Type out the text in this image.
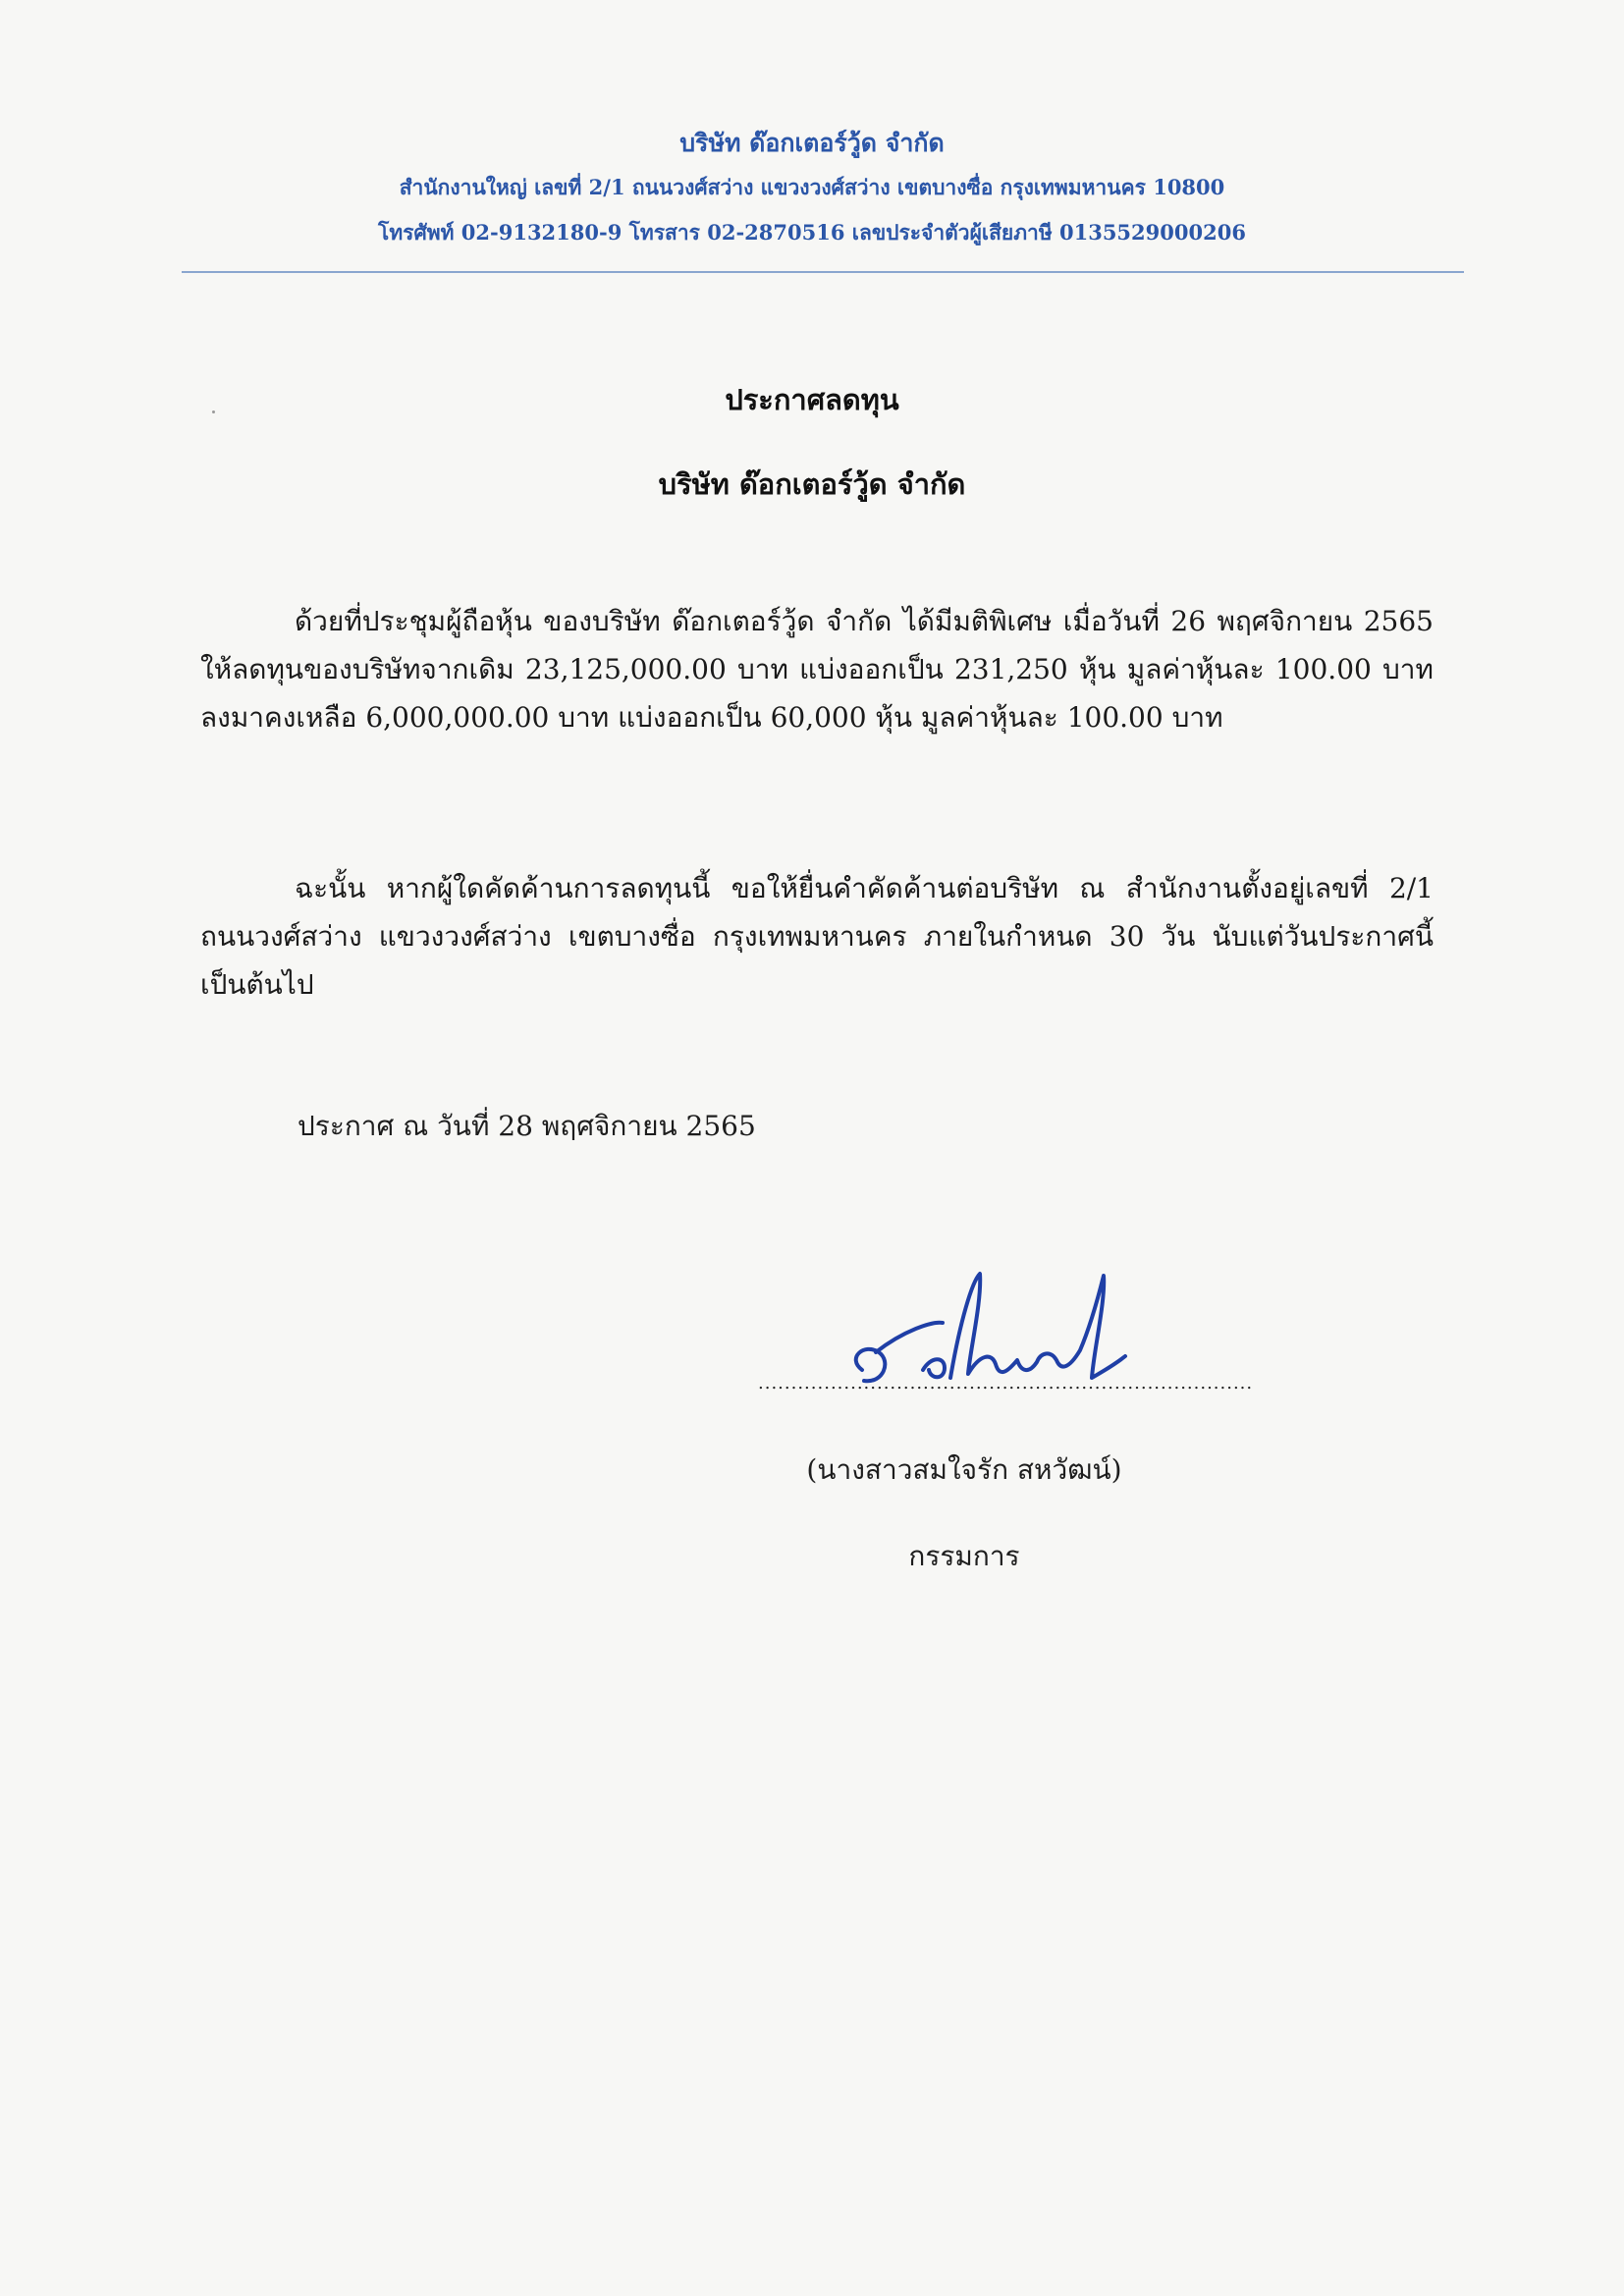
บริษัท ด๊อกเตอร์วู้ด จำกัด
สำนักงานใหญ่ เลขที่ 2/1 ถนนวงศ์สว่าง แขวงวงศ์สว่าง เขตบางซื่อ กรุงเทพมหานคร 10800
โทรศัพท์ 02-9132180-9 โทรสาร 02-2870516 เลขประจำตัวผู้เสียภาษี 0135529000206
ประกาศลดทุน
บริษัท ด๊อกเตอร์วู้ด จำกัด
ด้วยที่ประชุมผู้ถือหุ้น ของบริษัท ด๊อกเตอร์วู้ด จำกัด ได้มีมติพิเศษ เมื่อวันที่ 26 พฤศจิกายน 2565 ให้ลดทุนของบริษัทจากเดิม 23,125,000.00 บาท แบ่งออกเป็น 231,250 หุ้น มูลค่าหุ้นละ 100.00 บาท ลงมาคงเหลือ 6,000,000.00 บาท แบ่งออกเป็น 60,000 หุ้น มูลค่าหุ้นละ 100.00 บาท
ฉะนั้น หากผู้ใดคัดค้านการลดทุนนี้ ขอให้ยื่นคำคัดค้านต่อบริษัท ณ สำนักงานตั้งอยู่เลขที่ 2/1 ถนนวงศ์สว่าง แขวงวงศ์สว่าง เขตบางซื่อ กรุงเทพมหานคร ภายในกำหนด 30 วัน นับแต่วันประกาศนี้เป็นต้นไป
ประกาศ ณ วันที่ 28 พฤศจิกายน 2565
...........................................................................
(นางสาวสมใจรัก สหวัฒน์)
กรรมการ
